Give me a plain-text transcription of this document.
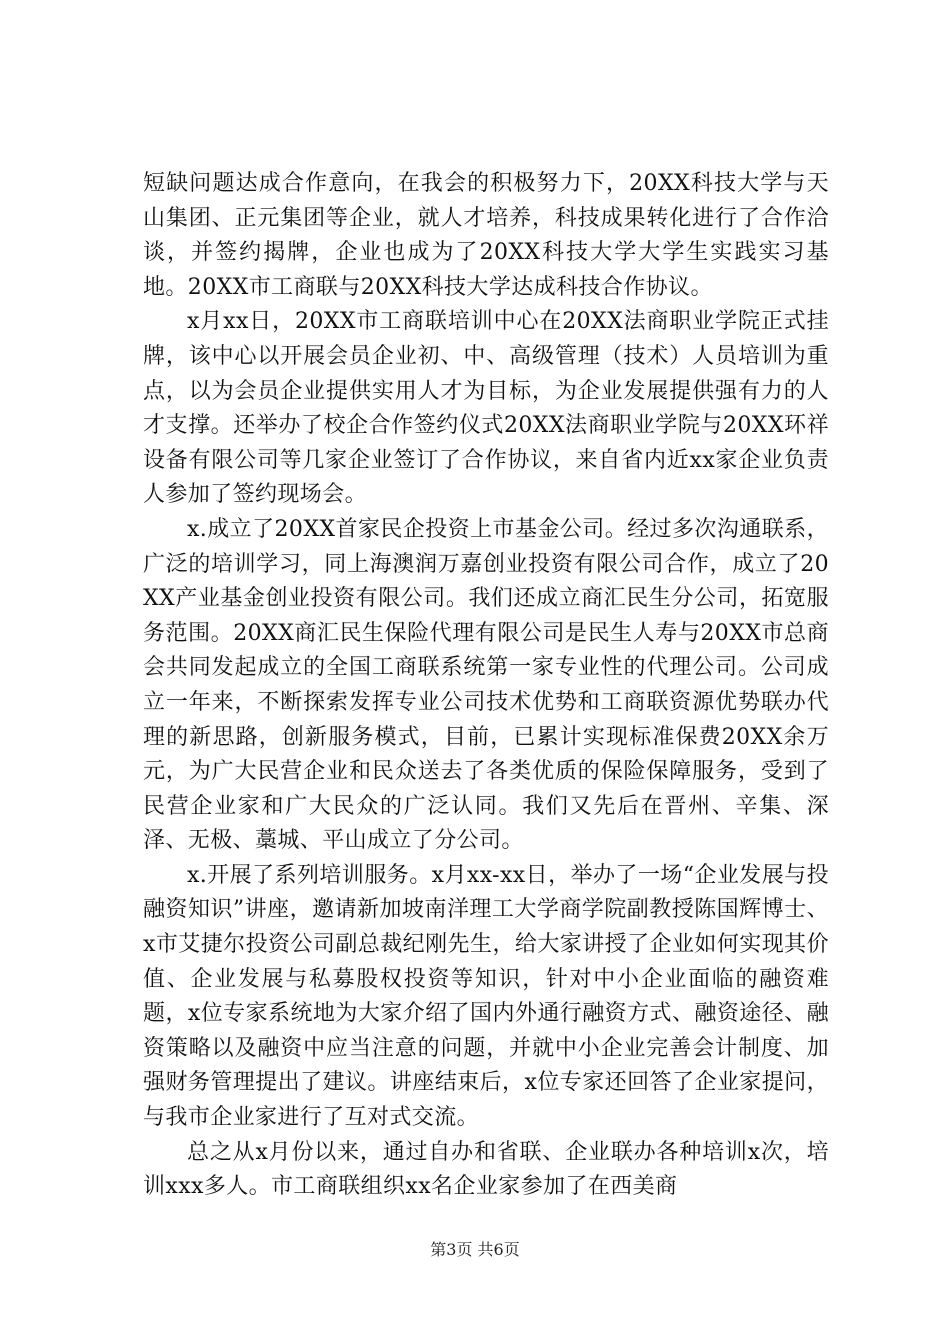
短缺问题达成合作意向，在我会的积极努力下，20XX科技大学与天山集团、正元集团等企业，就人才培养，科技成果转化进行了合作洽谈，并签约揭牌，企业也成为了20XX科技大学大学生实践实习基地。20XX市工商联与20XX科技大学达成科技合作协议。

x月xx日，20XX市工商联培训中心在20XX法商职业学院正式挂牌，该中心以开展会员企业初、中、高级管理（技术）人员培训为重点，以为会员企业提供实用人才为目标，为企业发展提供强有力的人才支撑。还举办了校企合作签约仪式20XX法商职业学院与20XX环祥设备有限公司等几家企业签订了合作协议，来自省内近xx家企业负责人参加了签约现场会。

x.成立了20XX首家民企投资上市基金公司。经过多次沟通联系，广泛的培训学习，同上海澳润万嘉创业投资有限公司合作，成立了20XX产业基金创业投资有限公司。我们还成立商汇民生分公司，拓宽服务范围。20XX商汇民生保险代理有限公司是民生人寿与20XX市总商会共同发起成立的全国工商联系统第一家专业性的代理公司。公司成立一年来，不断探索发挥专业公司技术优势和工商联资源优势联办代理的新思路，创新服务模式，目前，已累计实现标准保费20XX余万元，为广大民营企业和民众送去了各类优质的保险保障服务，受到了民营企业家和广大民众的广泛认同。我们又先后在晋州、辛集、深泽、无极、藁城、平山成立了分公司。

x.开展了系列培训服务。x月xx-xx日，举办了一场“企业发展与投融资知识”讲座，邀请新加坡南洋理工大学商学院副教授陈国辉博士、x市艾捷尔投资公司副总裁纪刚先生，给大家讲授了企业如何实现其价值、企业发展与私募股权投资等知识，针对中小企业面临的融资难题，x位专家系统地为大家介绍了国内外通行融资方式、融资途径、融资策略以及融资中应当注意的问题，并就中小企业完善会计制度、加强财务管理提出了建议。讲座结束后，x位专家还回答了企业家提问，与我市企业家进行了互对式交流。

总之从x月份以来，通过自办和省联、企业联办各种培训x次，培训xxx多人。市工商联组织xx名企业家参加了在西美商

第3页 共6页
